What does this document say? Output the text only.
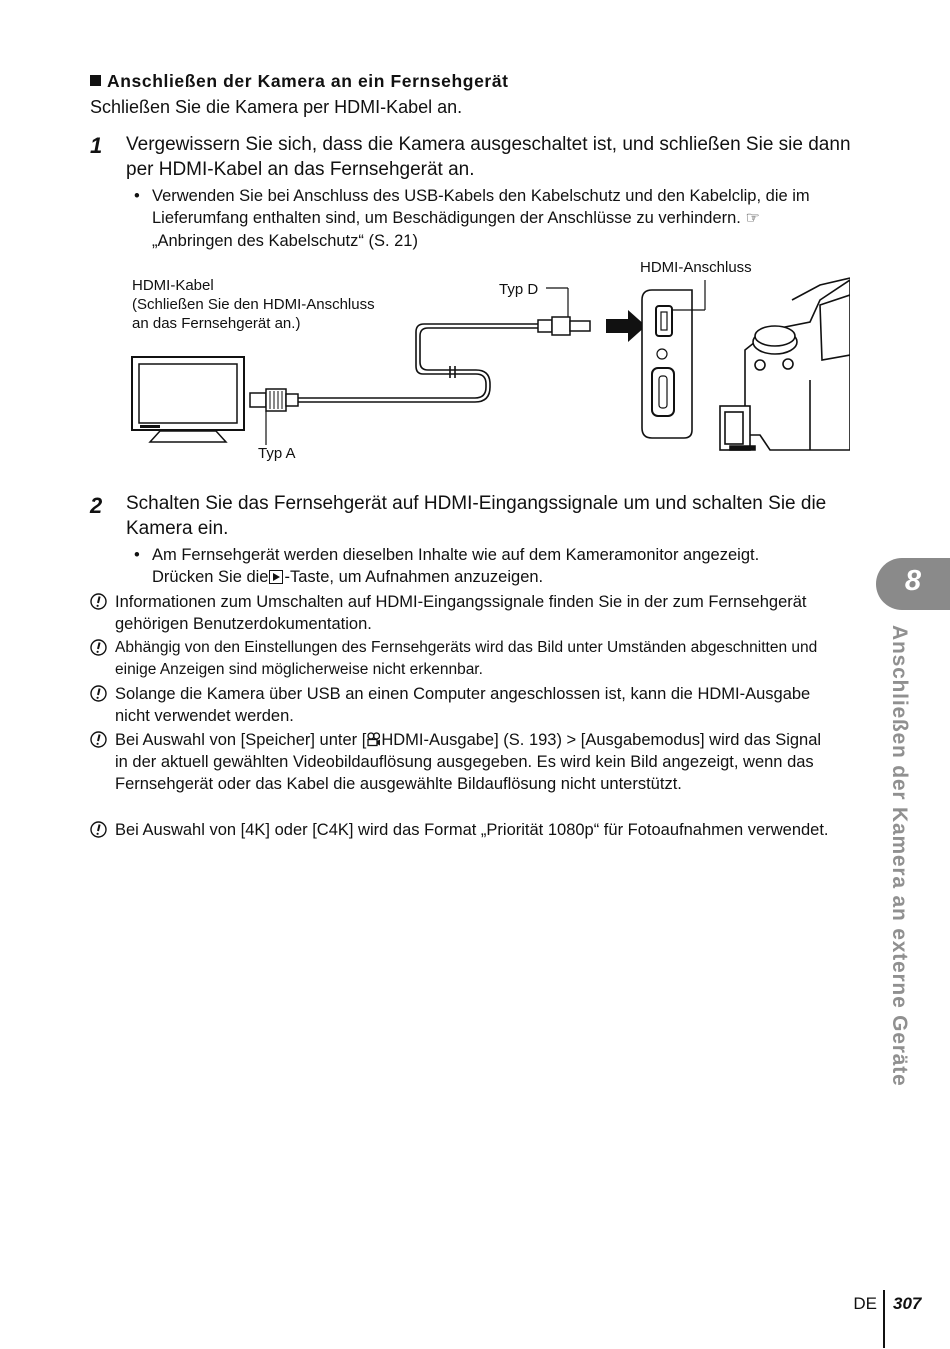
Anschließen der Kamera an ein Fernsehgerät
Schließen Sie die Kamera per HDMI-Kabel an.
1 Vergewissern Sie sich, dass die Kamera ausgeschaltet ist, und schließen Sie sie dann per HDMI-Kabel an das Fernsehgerät an.
• Verwenden Sie bei Anschluss des USB-Kabels den Kabelschutz und den Kabelclip, die im Lieferumfang enthalten sind, um Beschädigungen der Anschlüsse zu verhindern. ☞„Anbringen des Kabelschutz“ (S. 21)
HDMI-Kabel
(Schließen Sie den HDMI-Anschluss
an das Fernsehgerät an.)
Typ D
Typ A
HDMI-Anschluss
2 Schalten Sie das Fernsehgerät auf HDMI-Eingangssignale um und schalten Sie die Kamera ein.
• Am Fernsehgerät werden dieselben Inhalte wie auf dem Kameramonitor angezeigt. Drücken Sie die -Taste, um Aufnahmen anzuzeigen.
Informationen zum Umschalten auf HDMI-Eingangssignale finden Sie in der zum Fernsehgerät gehörigen Benutzerdokumentation.
Abhängig von den Einstellungen des Fernsehgeräts wird das Bild unter Umständen abgeschnitten und einige Anzeigen sind möglicherweise nicht erkennbar.
Solange die Kamera über USB an einen Computer angeschlossen ist, kann die HDMI-Ausgabe nicht verwendet werden.
Bei Auswahl von [Speicher] unter [ HDMI-Ausgabe] (S. 193) > [Ausgabemodus] wird das Signal in der aktuell gewählten Videobildauflösung ausgegeben. Es wird kein Bild angezeigt, wenn das Fernsehgerät oder das Kabel die ausgewählte Bildauflösung nicht unterstützt.
Bei Auswahl von [4K] oder [C4K] wird das Format „Priorität 1080p“ für Fotoaufnahmen verwendet.
8
Anschließen der Kamera an externe Geräte
DE 307
